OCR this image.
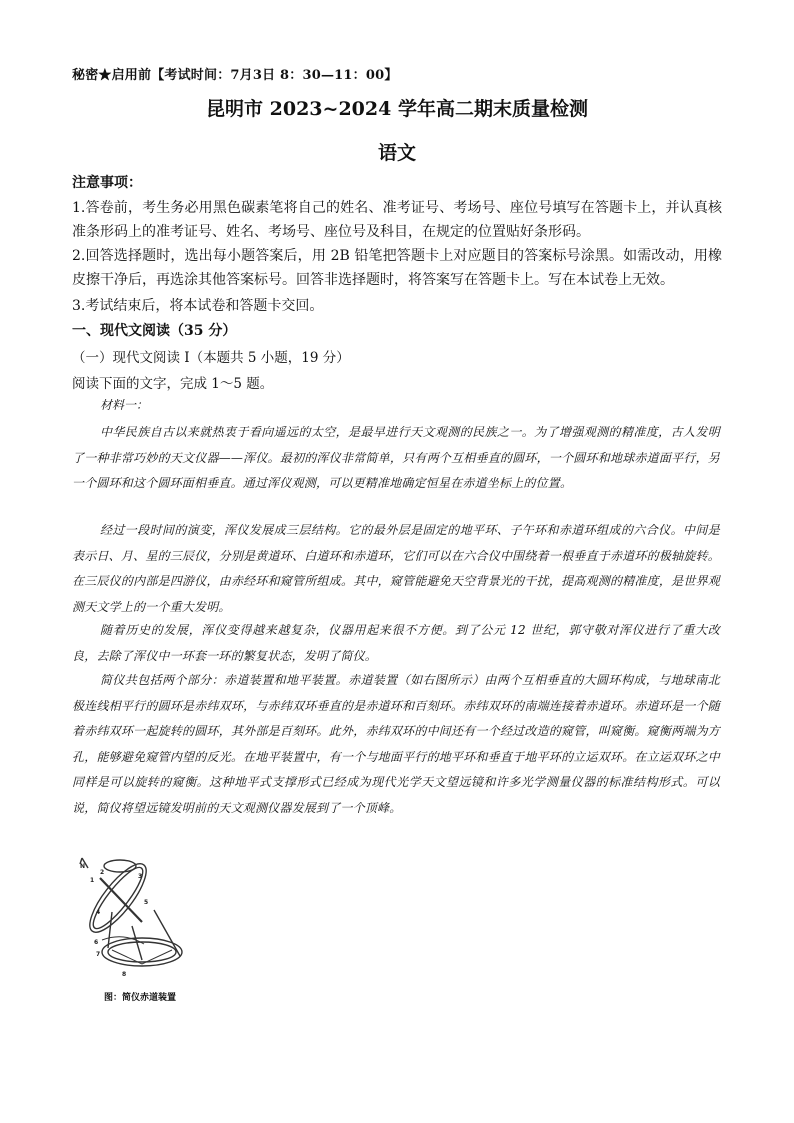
秘密★启用前【考试时间：7月3日 8：30—11：00】
昆明市 2023~2024 学年高二期末质量检测
语文
注意事项：
1.答卷前，考生务必用黑色碳素笔将自己的姓名、准考证号、考场号、座位号填写在答题卡上，并认真核准条形码上的准考证号、姓名、考场号、座位号及科目，在规定的位置贴好条形码。
2.回答选择题时，选出每小题答案后，用 2B 铅笔把答题卡上对应题目的答案标号涂黑。如需改动，用橡皮擦干净后，再选涂其他答案标号。回答非选择题时，将答案写在答题卡上。写在本试卷上无效。
3.考试结束后，将本试卷和答题卡交回。
一、现代文阅读（35 分）
（一）现代文阅读 I（本题共 5 小题，19 分）
阅读下面的文字，完成 1～5 题。
材料一：
中华民族自古以来就热衷于看向遥远的太空，是最早进行天文观测的民族之一。为了增强观测的精准度，古人发明了一种非常巧妙的天文仪器——浑仪。最初的浑仪非常简单，只有两个互相垂直的圆环，一个圆环和地球赤道面平行，另一个圆环和这个圆环面相垂直。通过浑仪观测，可以更精准地确定恒星在赤道坐标上的位置。
经过一段时间的演变，浑仪发展成三层结构。它的最外层是固定的地平环、子午环和赤道环组成的六合仪。中间是表示日、月、星的三辰仪，分别是黄道环、白道环和赤道环，它们可以在六合仪中围绕着一根垂直于赤道环的极轴旋转。在三辰仪的内部是四游仪，由赤经环和窥管所组成。其中，窥管能避免天空背景光的干扰，提高观测的精准度，是世界观测天文学上的一个重大发明。
随着历史的发展，浑仪变得越来越复杂，仪器用起来很不方便。到了公元 12 世纪，郭守敬对浑仪进行了重大改良，去除了浑仪中一环套一环的繁复状态，发明了简仪。
简仪共包括两个部分：赤道装置和地平装置。赤道装置（如右图所示）由两个互相垂直的大圆环构成，与地球南北极连线相平行的圆环是赤纬双环，与赤纬双环垂直的是赤道环和百刻环。赤纬双环的南端连接着赤道环。赤道环是一个随着赤纬双环一起旋转的圆环，其外部是百刻环。此外，赤纬双环的中间还有一个经过改造的窥管，叫窥衡。窥衡两端为方孔，能够避免窥管内望的反光。在地平装置中，有一个与地面平行的地平环和垂直于地平环的立运双环。在立运双环之中同样是可以旋转的窥衡。这种地平式支撑形式已经成为现代光学天文望远镜和许多光学测量仪器的标准结构形式。可以说，简仪将望远镜发明前的天文观测仪器发展到了一个顶峰。
N
1
2
3
4
5
6
7
8
图：简仪赤道装置
